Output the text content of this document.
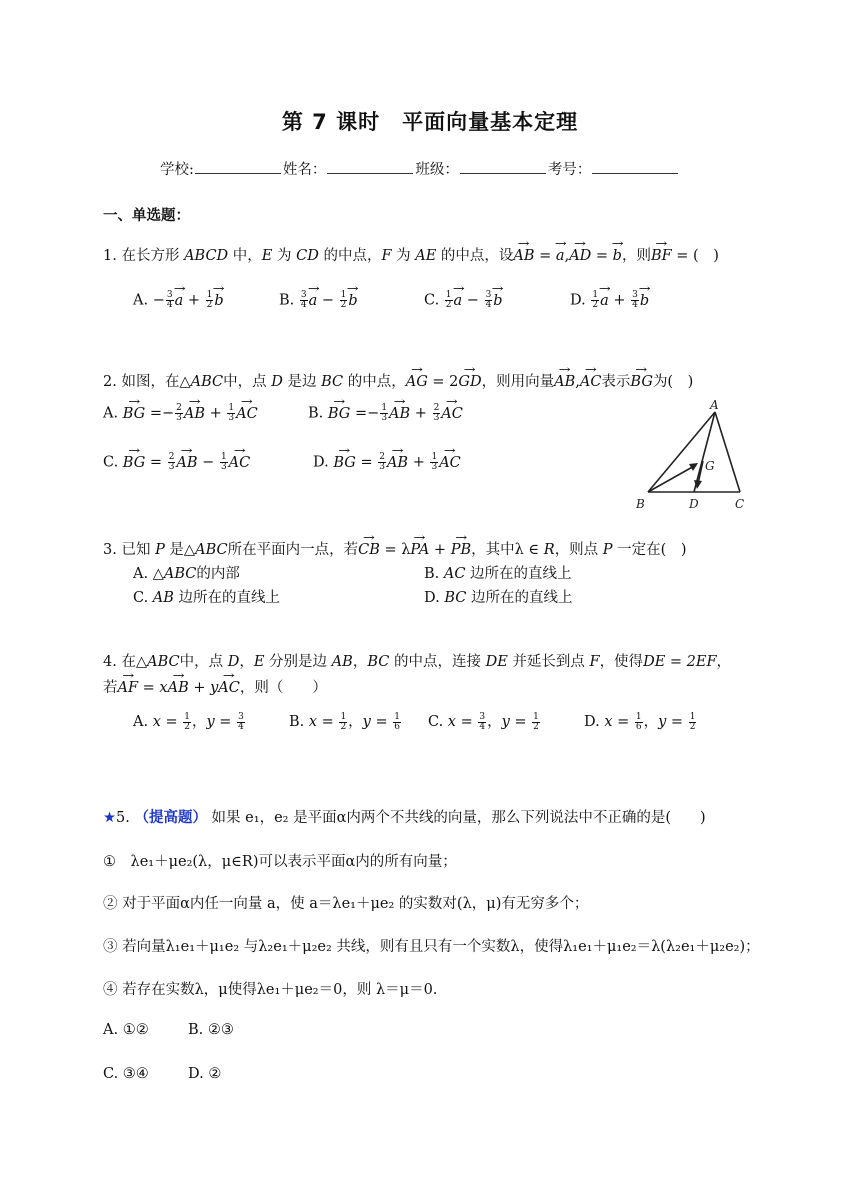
第 7 课时　平面向量基本定理
学校:	姓名：	班级：	考号：
一、单选题：
1. 在长方形 ABCD 中，E 为 CD 的中点，F 为 AE 的中点，设→ AB = → a,→ AD = → b，则→ BF = (　)
A. − $\frac{3}{4}$
→ $a + \frac{1}{2}$
→ b	B. $\frac{3}{4}$
→ $a - \frac{1}{2}$
→ b	C. $\frac{1}{2}$
→ $a - \frac{3}{4}$
→ b	D. $\frac{1}{2}$
→ $a + \frac{3}{4}$
→ b
2. 如图，在△ABC中，点 D 是边 BC 的中点，→ AG = 2→ GD，则用向量→ AB,→ AC表示→ BG为(　)
A. → BG =− $\frac{2}{3}$
→ AB + $\frac{1}{3}$
→ AC	B. → BG =− $\frac{1}{3}$
→ AB + $\frac{2}{3}$
→ AC
C. → BG = $\frac{2}{3}$
→ AB − $\frac{1}{3}$
→ AC	D. → BG = $\frac{2}{3}$
→ AB + $\frac{1}{3}$
→ AC
A
G
B	D	C
3. 已知 P 是△ABC所在平面内一点，若→ CB = λ→ PA + → PB，其中λ ∈ R，则点 P 一定在(　)
A. △ABC的内部	B. AC 边所在的直线上
C. AB 边所在的直线上	D. BC 边所在的直线上
4. 在△ABC中，点 D，E 分别是边 AB，BC 的中点，连接 DE 并延长到点 F，使得DE = 2EF，
若→ AF = x→ AB + y→ AC，则（　　）
A. $x = \frac{1}{2}$ ，$y = \frac{3}{4}$	B. $x = \frac{1}{2}$ ，$y = \frac{1}{6} C$. $x = \frac{3}{4}$ ，$y = \frac{1}{2}$	D. $x = \frac{1}{6}$ ，$y = \frac{1}{2}$
★5. （提高题） 如果 e₁，e₂ 是平面α内两个不共线的向量，那么下列说法中不正确的是(　　)
①　λe₁＋μe₂(λ，μ∈R)可以表示平面α内的所有向量；
② 对于平面α内任一向量 a，使 a＝λe₁＋μe₂ 的实数对(λ，μ)有无穷多个；
③ 若向量λ₁e₁＋μ₁e₂ 与λ₂e₁＋μ₂e₂ 共线，则有且只有一个实数λ，使得λ₁e₁＋μ₁e₂＝λ(λ₂e₁＋μ₂e₂)；
④ 若存在实数λ，μ使得λe₁＋μe₂＝0，则 λ＝μ＝0.
A. ①②	B. ②③
C. ③④	D. ②
